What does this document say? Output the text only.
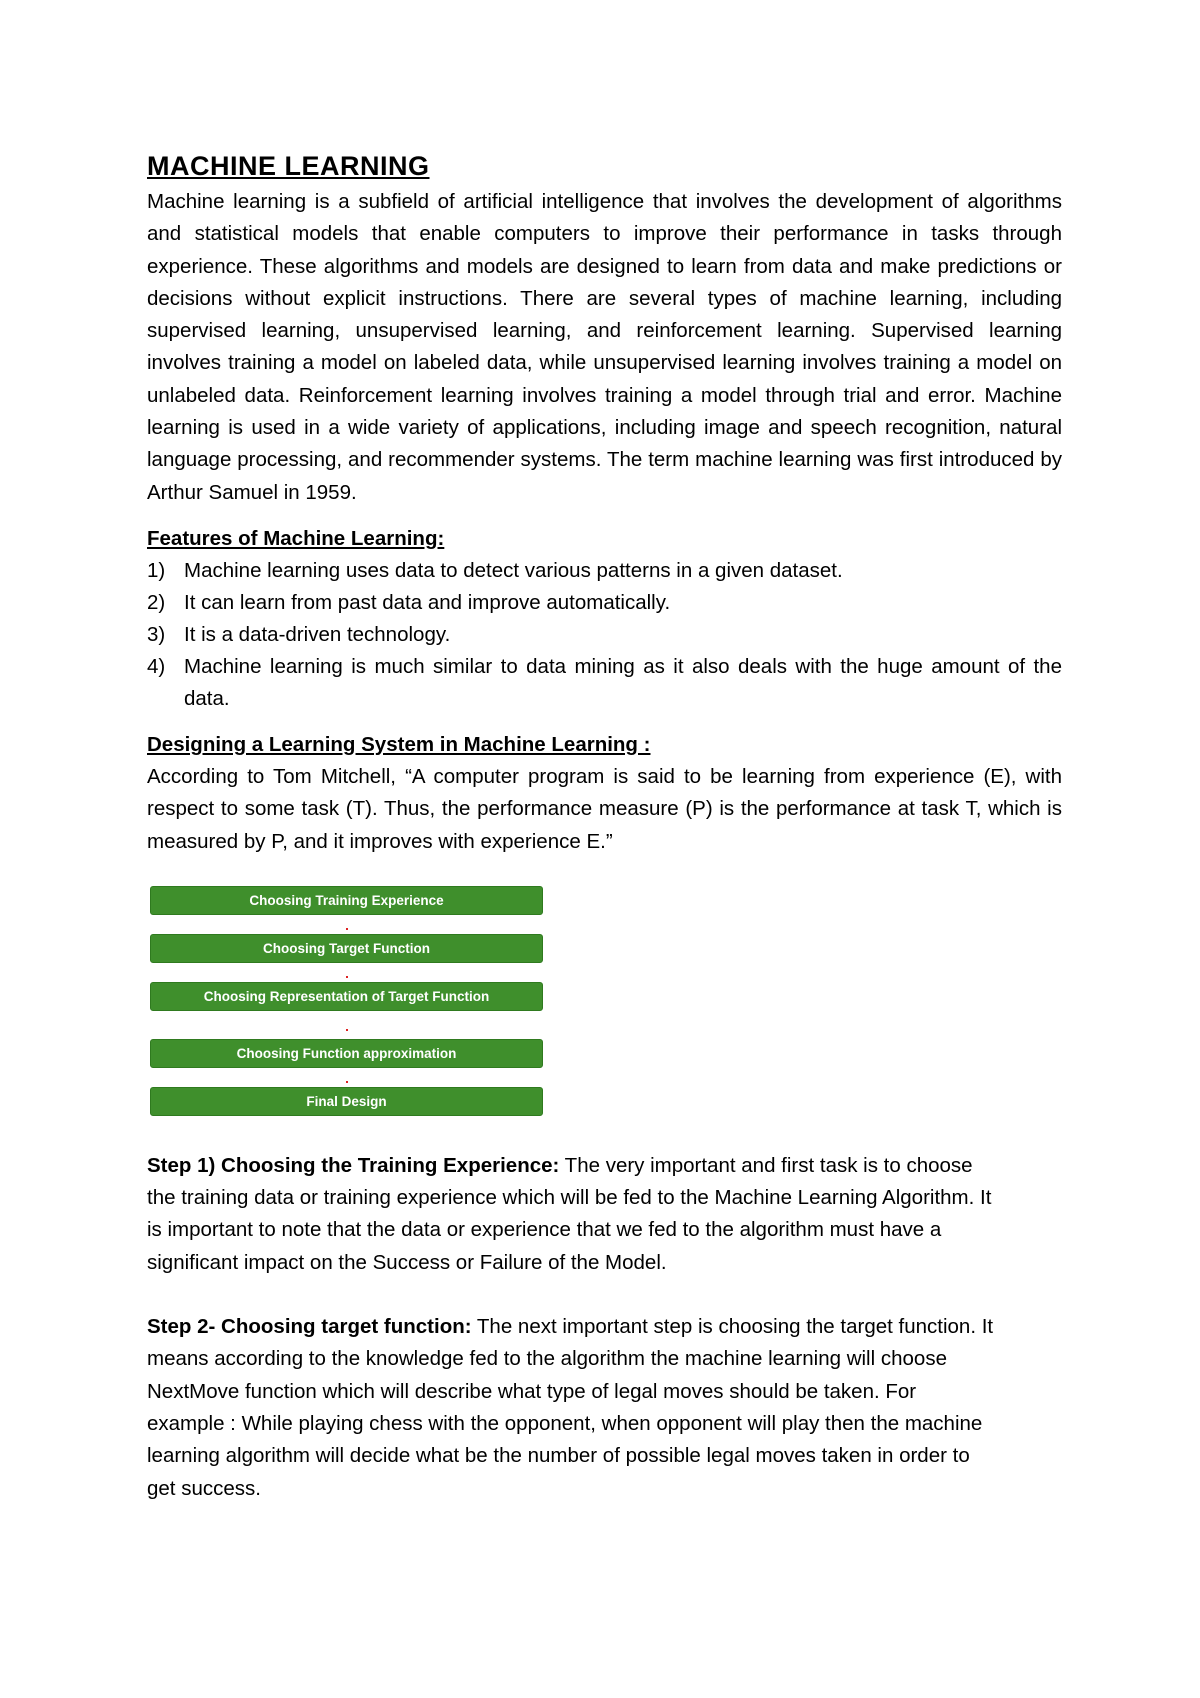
MACHINE LEARNING

Machine learning is a subfield of artificial intelligence that involves the development of algorithms and statistical models that enable computers to improve their performance in tasks through experience. These algorithms and models are designed to learn from data and make predictions or decisions without explicit instructions. There are several types of machine learning, including supervised learning, unsupervised learning, and reinforcement learning. Supervised learning involves training a model on labeled data, while unsupervised learning involves training a model on unlabeled data. Reinforcement learning involves training a model through trial and error. Machine learning is used in a wide variety of applications, including image and speech recognition, natural language processing, and recommender systems. The term machine learning was first introduced by Arthur Samuel in 1959.

Features of Machine Learning:
1) Machine learning uses data to detect various patterns in a given dataset.
2) It can learn from past data and improve automatically.
3) It is a data-driven technology.
4) Machine learning is much similar to data mining as it also deals with the huge amount of the data.
Designing a Learning System in Machine Learning :

According to Tom Mitchell, “A computer program is said to be learning from experience (E), with respect to some task (T). Thus, the performance measure (P) is the performance at task T, which is measured by P, and it improves with experience E.”

Choosing Training Experience
Choosing Target Function
Choosing Representation of Target Function
Choosing Function approximation
Final Design

Step 1) Choosing the Training Experience: The very important and first task is to choose the training data or training experience which will be fed to the Machine Learning Algorithm. It is important to note that the data or experience that we fed to the algorithm must have a significant impact on the Success or Failure of the Model.

Step 2- Choosing target function: The next important step is choosing the target function. It means according to the knowledge fed to the algorithm the machine learning will choose NextMove function which will describe what type of legal moves should be taken. For example : While playing chess with the opponent, when opponent will play then the machine learning algorithm will decide what be the number of possible legal moves taken in order to get success.
